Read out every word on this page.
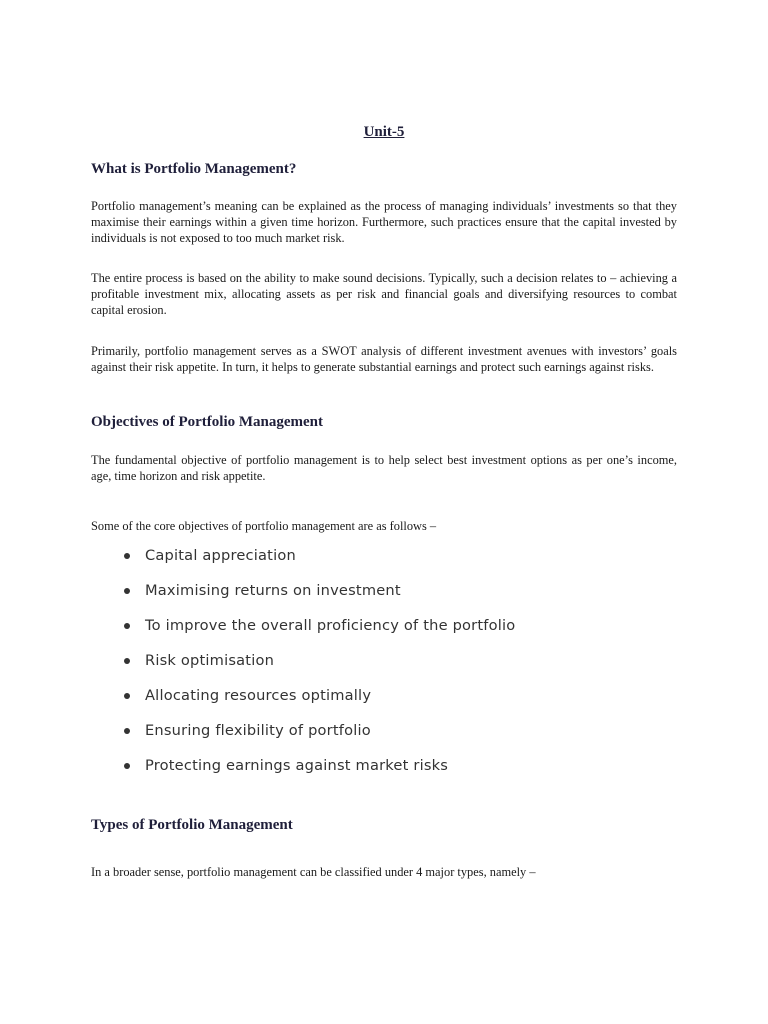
Unit-5
What is Portfolio Management?
Portfolio management’s meaning can be explained as the process of managing individuals’ investments so that they maximise their earnings within a given time horizon. Furthermore, such practices ensure that the capital invested by individuals is not exposed to too much market risk.
The entire process is based on the ability to make sound decisions. Typically, such a decision relates to – achieving a profitable investment mix, allocating assets as per risk and financial goals and diversifying resources to combat capital erosion.
Primarily, portfolio management serves as a SWOT analysis of different investment avenues with investors’ goals against their risk appetite. In turn, it helps to generate substantial earnings and protect such earnings against risks.
Objectives of Portfolio Management
The fundamental objective of portfolio management is to help select best investment options as per one’s income, age, time horizon and risk appetite.
Some of the core objectives of portfolio management are as follows –
Capital appreciation
Maximising returns on investment
To improve the overall proficiency of the portfolio
Risk optimisation
Allocating resources optimally
Ensuring flexibility of portfolio
Protecting earnings against market risks
Types of Portfolio Management
In a broader sense, portfolio management can be classified under 4 major types, namely –
